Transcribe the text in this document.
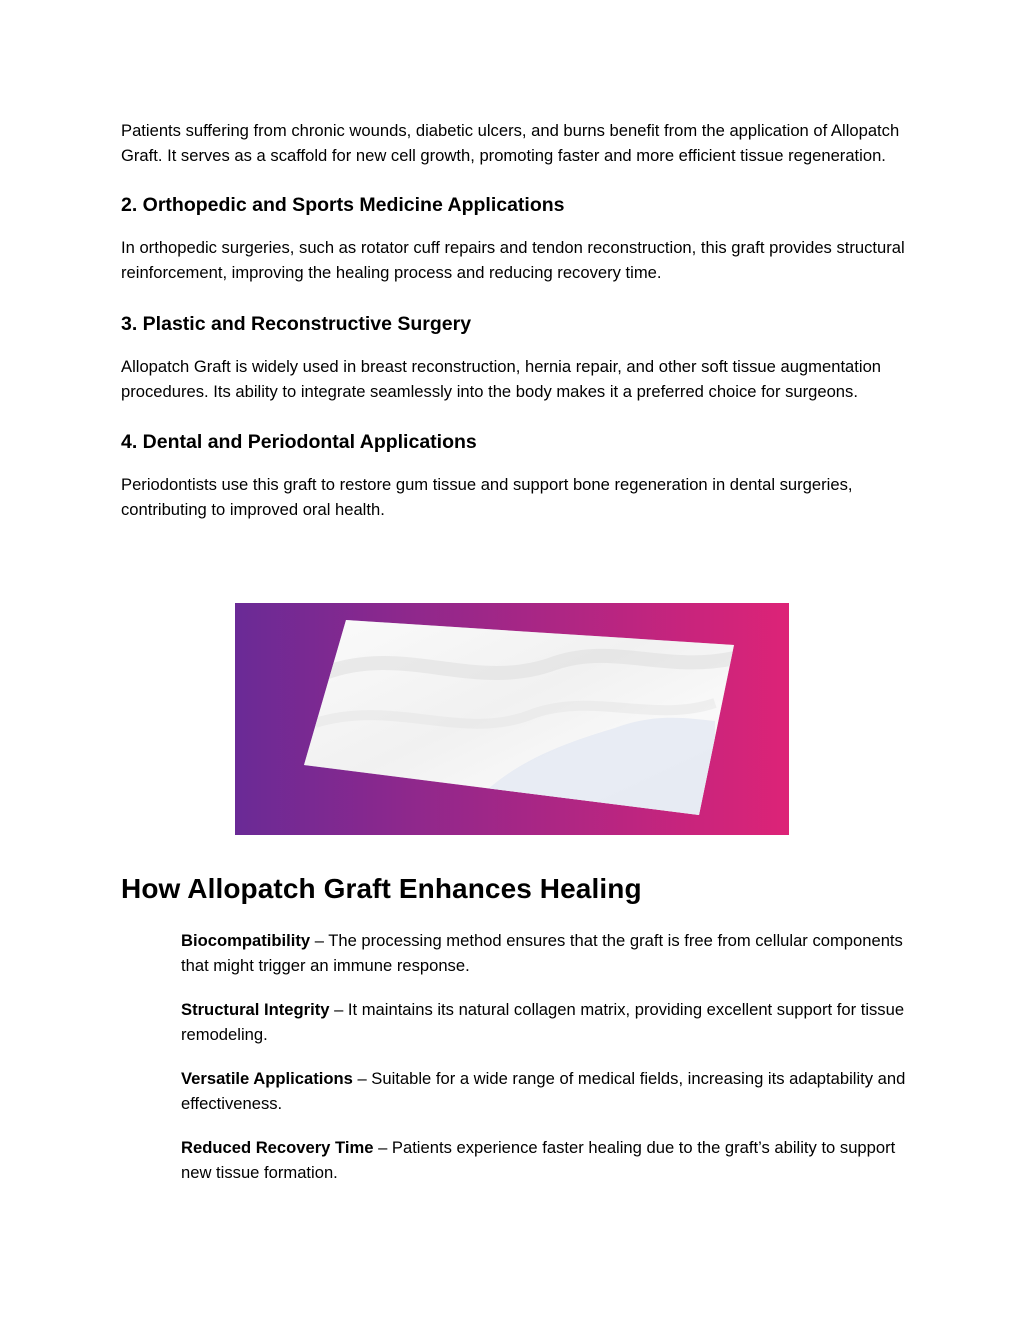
Patients suffering from chronic wounds, diabetic ulcers, and burns benefit from the application of Allopatch Graft. It serves as a scaffold for new cell growth, promoting faster and more efficient tissue regeneration.

2. Orthopedic and Sports Medicine Applications

In orthopedic surgeries, such as rotator cuff repairs and tendon reconstruction, this graft provides structural reinforcement, improving the healing process and reducing recovery time.

3. Plastic and Reconstructive Surgery

Allopatch Graft is widely used in breast reconstruction, hernia repair, and other soft tissue augmentation procedures. Its ability to integrate seamlessly into the body makes it a preferred choice for surgeons.

4. Dental and Periodontal Applications

Periodontists use this graft to restore gum tissue and support bone regeneration in dental surgeries, contributing to improved oral health.

How Allopatch Graft Enhances Healing

Biocompatibility – The processing method ensures that the graft is free from cellular components that might trigger an immune response.

Structural Integrity – It maintains its natural collagen matrix, providing excellent support for tissue remodeling.

Versatile Applications – Suitable for a wide range of medical fields, increasing its adaptability and effectiveness.

Reduced Recovery Time – Patients experience faster healing due to the graft’s ability to support new tissue formation.
